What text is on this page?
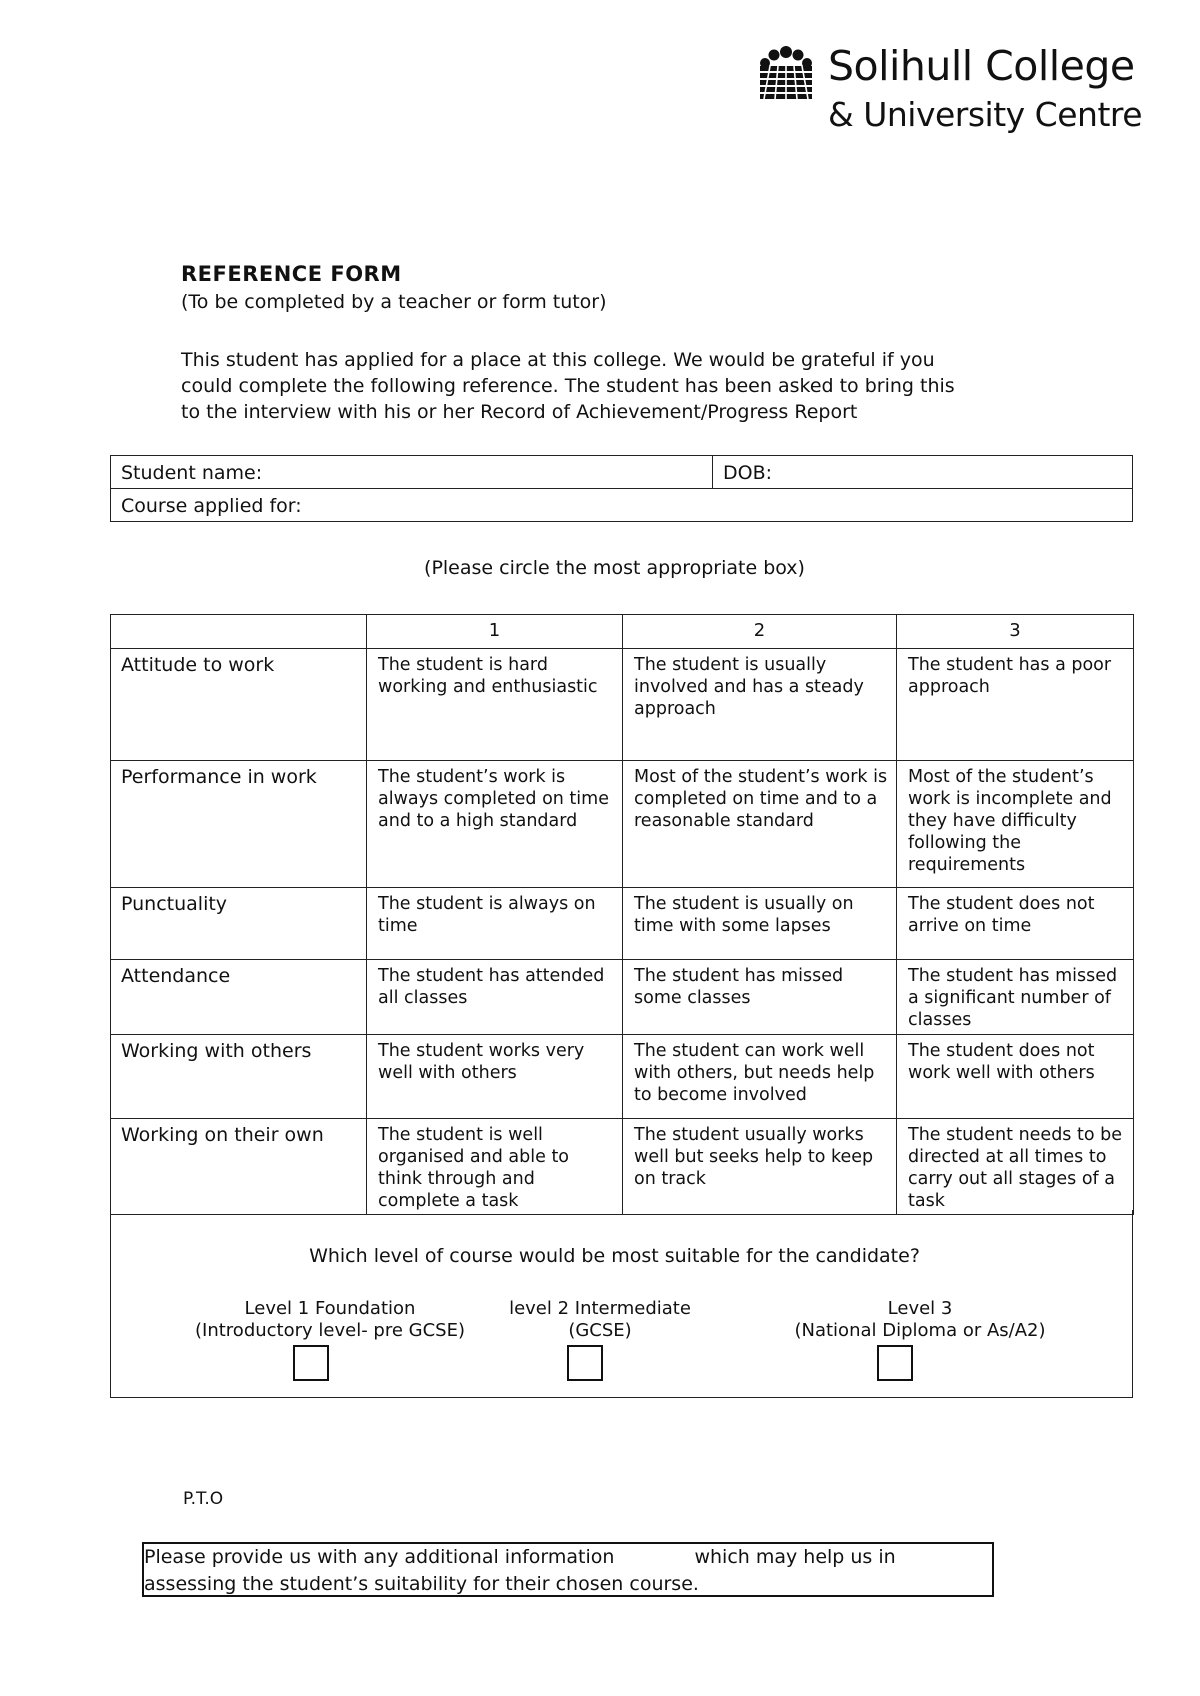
Solihull College
& University Centre
REFERENCE FORM
(To be completed by a teacher or form tutor)
This student has applied for a place at this college. We would be grateful if you
could complete the following reference. The student has been asked to bring this
to the interview with his or her Record of Achievement/Progress Report
Student name:	DOB:
Course applied for:
(Please circle the most appropriate box)
	1	2	3
Attitude to work	The student is hard working and enthusiastic	The student is usually involved and has a steady approach	The student has a poor approach
Performance in work	The student’s work is always completed on time and to a high standard	Most of the student’s work is completed on time and to a reasonable standard	Most of the student’s work is incomplete and they have difficulty following the requirements
Punctuality	The student is always on time	The student is usually on time with some lapses	The student does not arrive on time
Attendance	The student has attended all classes	The student has missed some classes	The student has missed a significant number of classes
Working with others	The student works very well with others	The student can work well with others, but needs help to become involved	The student does not work well with others
Working on their own	The student is well organised and able to think through and complete a task	The student usually works well but seeks help to keep on track	The student needs to be directed at all times to carry out all stages of a task
Which level of course would be most suitable for the candidate?
Level 1 Foundation
(Introductory level- pre GCSE)
level 2 Intermediate
(GCSE)
Level 3
(National Diploma or As/A2)
P.T.O
Please provide us with any additional information	which may help us in
assessing the student’s suitability for their chosen course.
